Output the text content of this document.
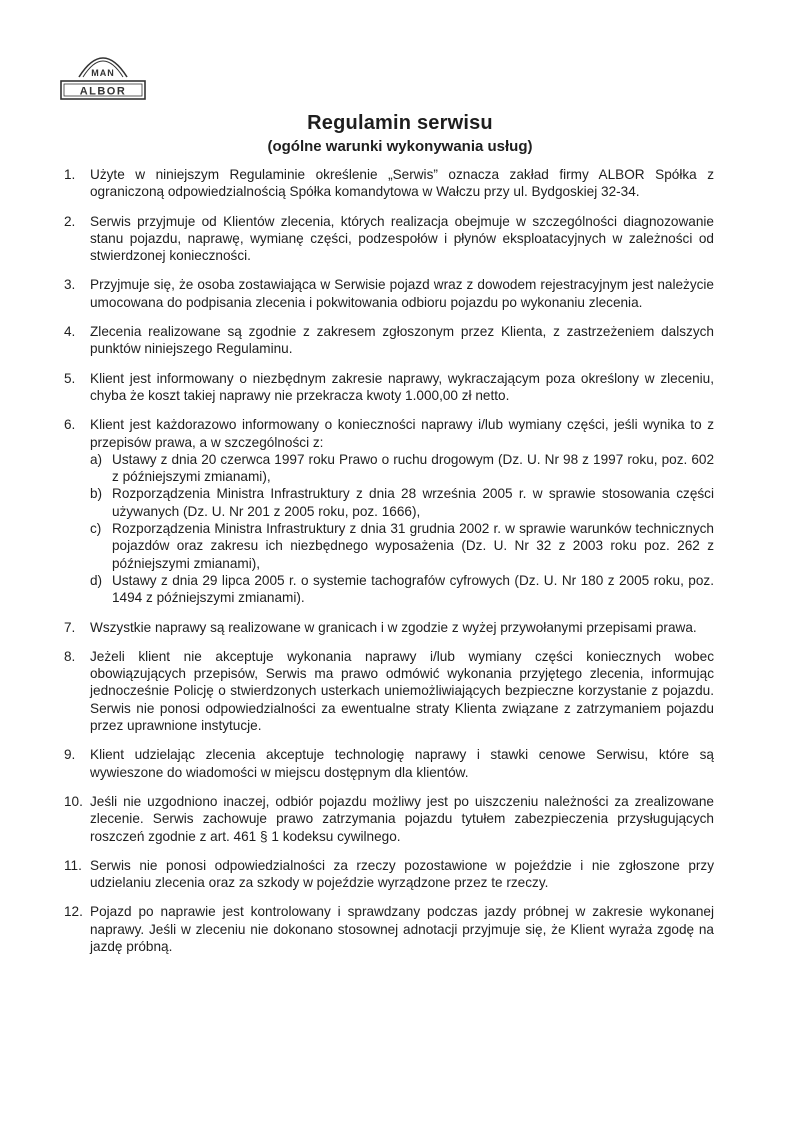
MAN
ALBOR
Regulamin serwisu
(ogólne warunki wykonywania usług)
1. Użyte w niniejszym Regulaminie określenie „Serwis” oznacza zakład firmy ALBOR Spółka z ograniczoną odpowiedzialnością Spółka komandytowa w Wałczu przy ul. Bydgoskiej 32-34.
2. Serwis przyjmuje od Klientów zlecenia, których realizacja obejmuje w szczególności diagnozowanie stanu pojazdu, naprawę, wymianę części, podzespołów i płynów eksploatacyjnych w zależności od stwierdzonej konieczności.
3. Przyjmuje się, że osoba zostawiająca w Serwisie pojazd wraz z dowodem rejestracyjnym jest należycie umocowana do podpisania zlecenia i pokwitowania odbioru pojazdu po wykonaniu zlecenia.
4. Zlecenia realizowane są zgodnie z zakresem zgłoszonym przez Klienta, z zastrzeżeniem dalszych punktów niniejszego Regulaminu.
5. Klient jest informowany o niezbędnym zakresie naprawy, wykraczającym poza określony w zleceniu, chyba że koszt takiej naprawy nie przekracza kwoty 1.000,00 zł netto.
6. Klient jest każdorazowo informowany o konieczności naprawy i/lub wymiany części, jeśli wynika to z przepisów prawa, a w szczególności z:
a) Ustawy z dnia 20 czerwca 1997 roku Prawo o ruchu drogowym (Dz. U. Nr 98 z 1997 roku, poz. 602 z późniejszymi zmianami),
b) Rozporządzenia Ministra Infrastruktury z dnia 28 września 2005 r. w sprawie stosowania części używanych (Dz. U. Nr 201 z 2005 roku, poz. 1666),
c) Rozporządzenia Ministra Infrastruktury z dnia 31 grudnia 2002 r. w sprawie warunków technicznych pojazdów oraz zakresu ich niezbędnego wyposażenia (Dz. U. Nr 32 z 2003 roku poz. 262 z późniejszymi zmianami),
d) Ustawy z dnia 29 lipca 2005 r. o systemie tachografów cyfrowych (Dz. U. Nr 180 z 2005 roku, poz. 1494 z późniejszymi zmianami).
7. Wszystkie naprawy są realizowane w granicach i w zgodzie z wyżej przywołanymi przepisami prawa.
8. Jeżeli klient nie akceptuje wykonania naprawy i/lub wymiany części koniecznych wobec obowiązujących przepisów, Serwis ma prawo odmówić wykonania przyjętego zlecenia, informując jednocześnie Policję o stwierdzonych usterkach uniemożliwiających bezpieczne korzystanie z pojazdu. Serwis nie ponosi odpowiedzialności za ewentualne straty Klienta związane z zatrzymaniem pojazdu przez uprawnione instytucje.
9. Klient udzielając zlecenia akceptuje technologię naprawy i stawki cenowe Serwisu, które są wywieszone do wiadomości w miejscu dostępnym dla klientów.
10. Jeśli nie uzgodniono inaczej, odbiór pojazdu możliwy jest po uiszczeniu należności za zrealizowane zlecenie. Serwis zachowuje prawo zatrzymania pojazdu tytułem zabezpieczenia przysługujących roszczeń zgodnie z art. 461 § 1 kodeksu cywilnego.
11. Serwis nie ponosi odpowiedzialności za rzeczy pozostawione w pojeździe i nie zgłoszone przy udzielaniu zlecenia oraz za szkody w pojeździe wyrządzone przez te rzeczy.
12. Pojazd po naprawie jest kontrolowany i sprawdzany podczas jazdy próbnej w zakresie wykonanej naprawy. Jeśli w zleceniu nie dokonano stosownej adnotacji przyjmuje się, że Klient wyraża zgodę na jazdę próbną.
